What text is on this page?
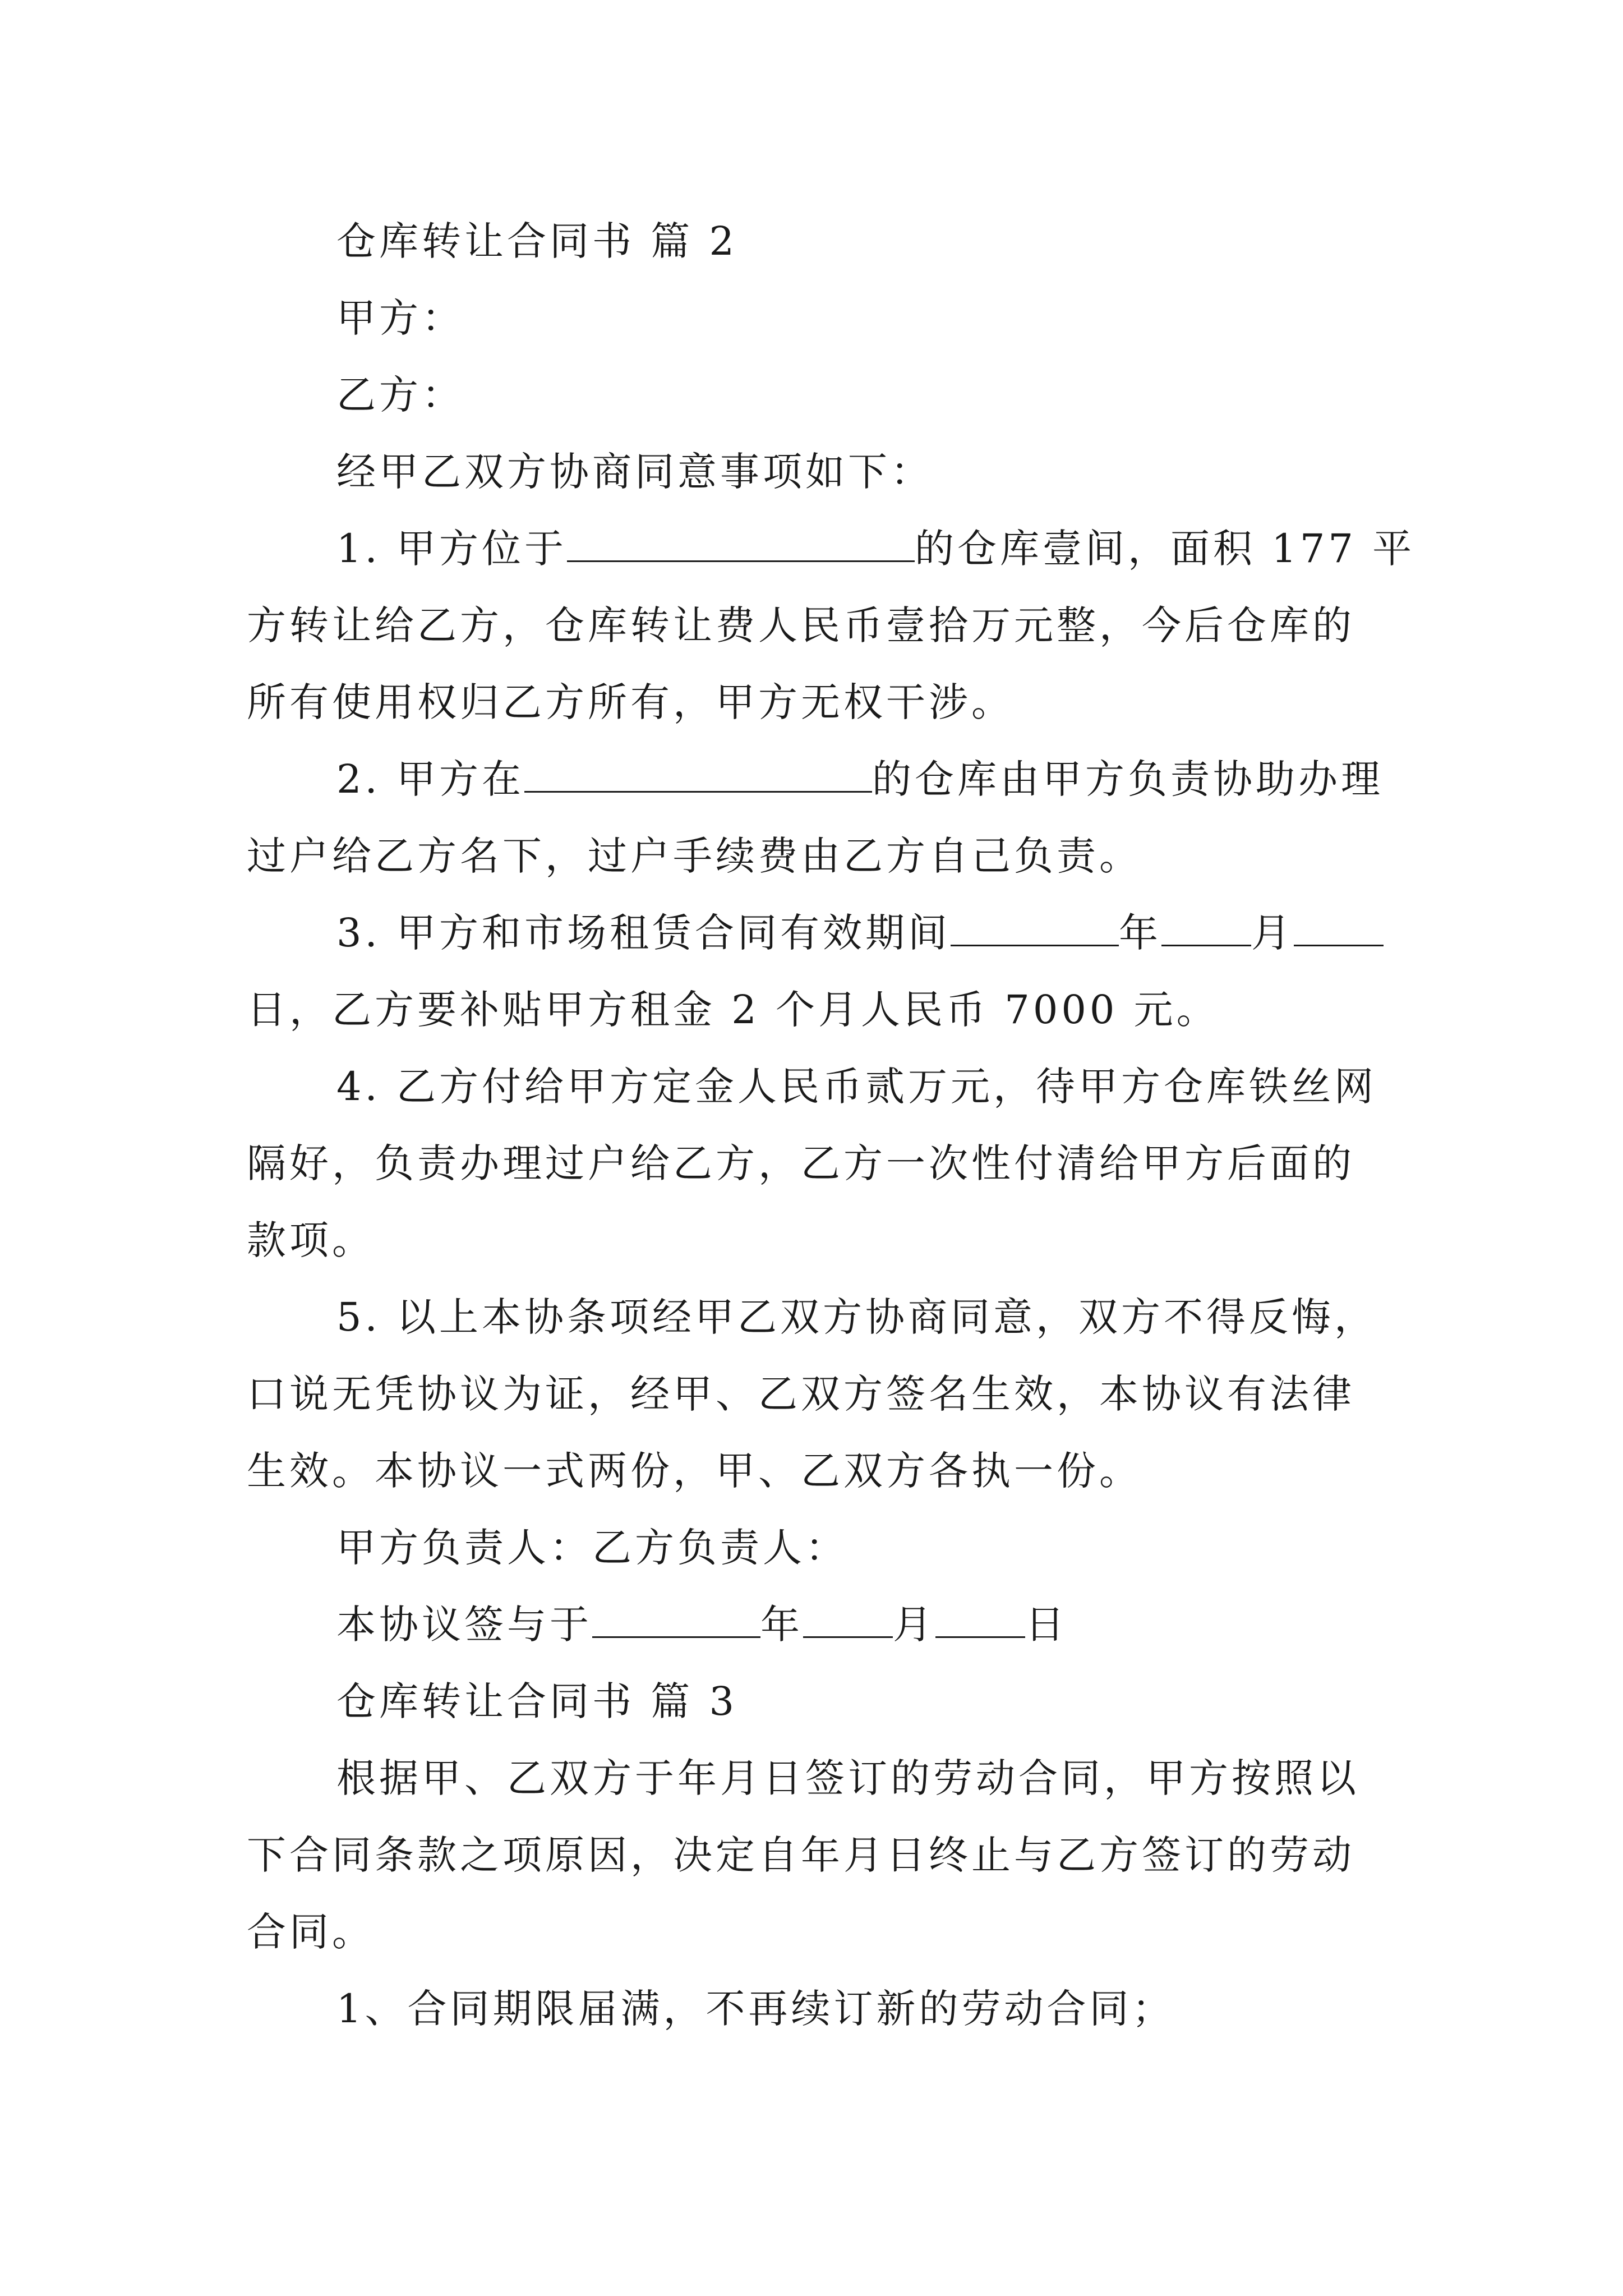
仓库转让合同书 篇 2
甲方：
乙方：
经甲乙双方协商同意事项如下：
1. 甲方位于	的仓库壹间，面积 177 平
方转让给乙方，仓库转让费人民币壹拾万元整，今后仓库的
所有使用权归乙方所有，甲方无权干涉。
2. 甲方在	的仓库由甲方负责协助办理
过户给乙方名下，过户手续费由乙方自己负责。
3. 甲方和市场租赁合同有效期间	年 月
日，乙方要补贴甲方租金 2 个月人民币 7000 元。
4. 乙方付给甲方定金人民币贰万元，待甲方仓库铁丝网
隔好，负责办理过户给乙方，乙方一次性付清给甲方后面的
款项。
5. 以上本协条项经甲乙双方协商同意，双方不得反悔，
口说无凭协议为证，经甲、乙双方签名生效，本协议有法律
生效。本协议一式两份，甲、乙双方各执一份。
甲方负责人：乙方负责人：
本协议签与于	年 月 日
仓库转让合同书 篇 3
根据甲、乙双方于年月日签订的劳动合同，甲方按照以
下合同条款之项原因，决定自年月日终止与乙方签订的劳动
合同。
1、合同期限届满，不再续订新的劳动合同；
